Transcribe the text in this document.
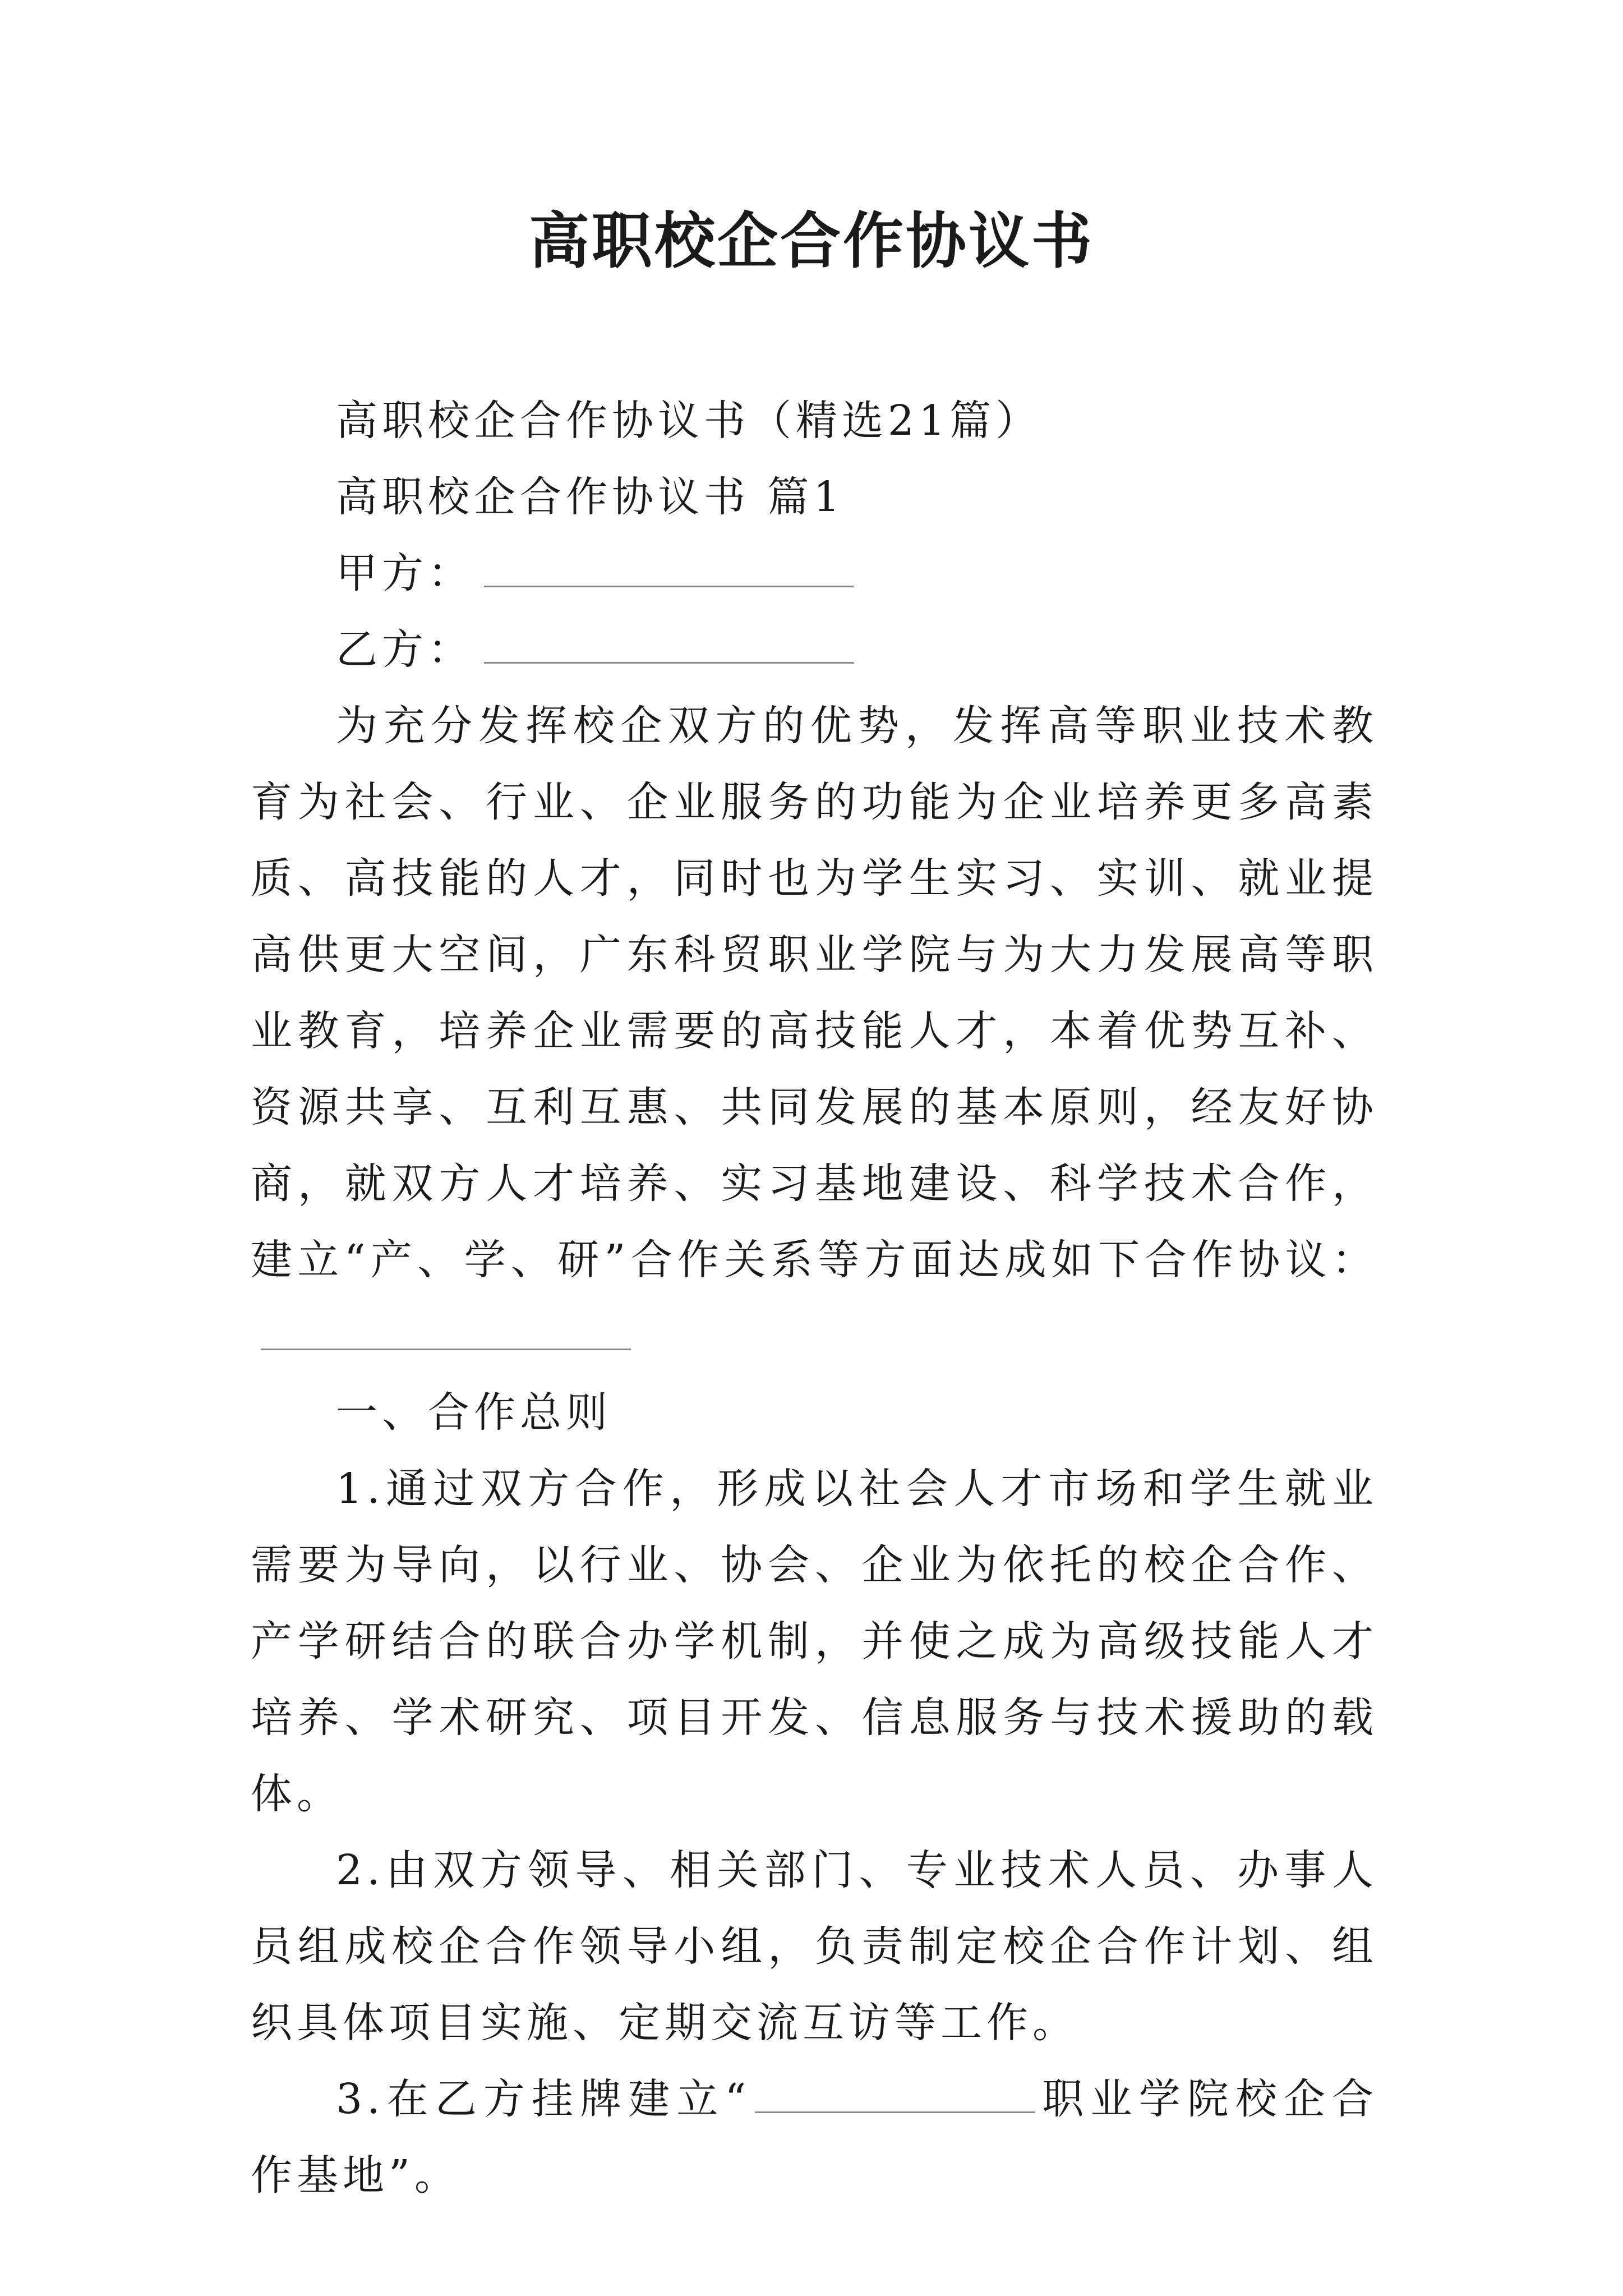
高职校企合作协议书

高职校企合作协议书（精选21篇）

高职校企合作协议书 篇1

甲方：

乙方：

为充分发挥校企双方的优势，发挥高等职业技术教育为社会、行业、企业服务的功能为企业培养更多高素质、高技能的人才，同时也为学生实习、实训、就业提高供更大空间，广东科贸职业学院与为大力发展高等职业教育，培养企业需要的高技能人才，本着优势互补、资源共享、互利互惠、共同发展的基本原则，经友好协商，就双方人才培养、实习基地建设、科学技术合作，建立“产、学、研”合作关系等方面达成如下合作协议：

一、合作总则

1.通过双方合作，形成以社会人才市场和学生就业需要为导向，以行业、协会、企业为依托的校企合作、产学研结合的联合办学机制，并使之成为高级技能人才培养、学术研究、项目开发、信息服务与技术援助的载体。

2.由双方领导、相关部门、专业技术人员、办事人员组成校企合作领导小组，负责制定校企合作计划、组织具体项目实施、定期交流互访等工作。

3.在乙方挂牌建立“	职业学院校企合作基地”。
